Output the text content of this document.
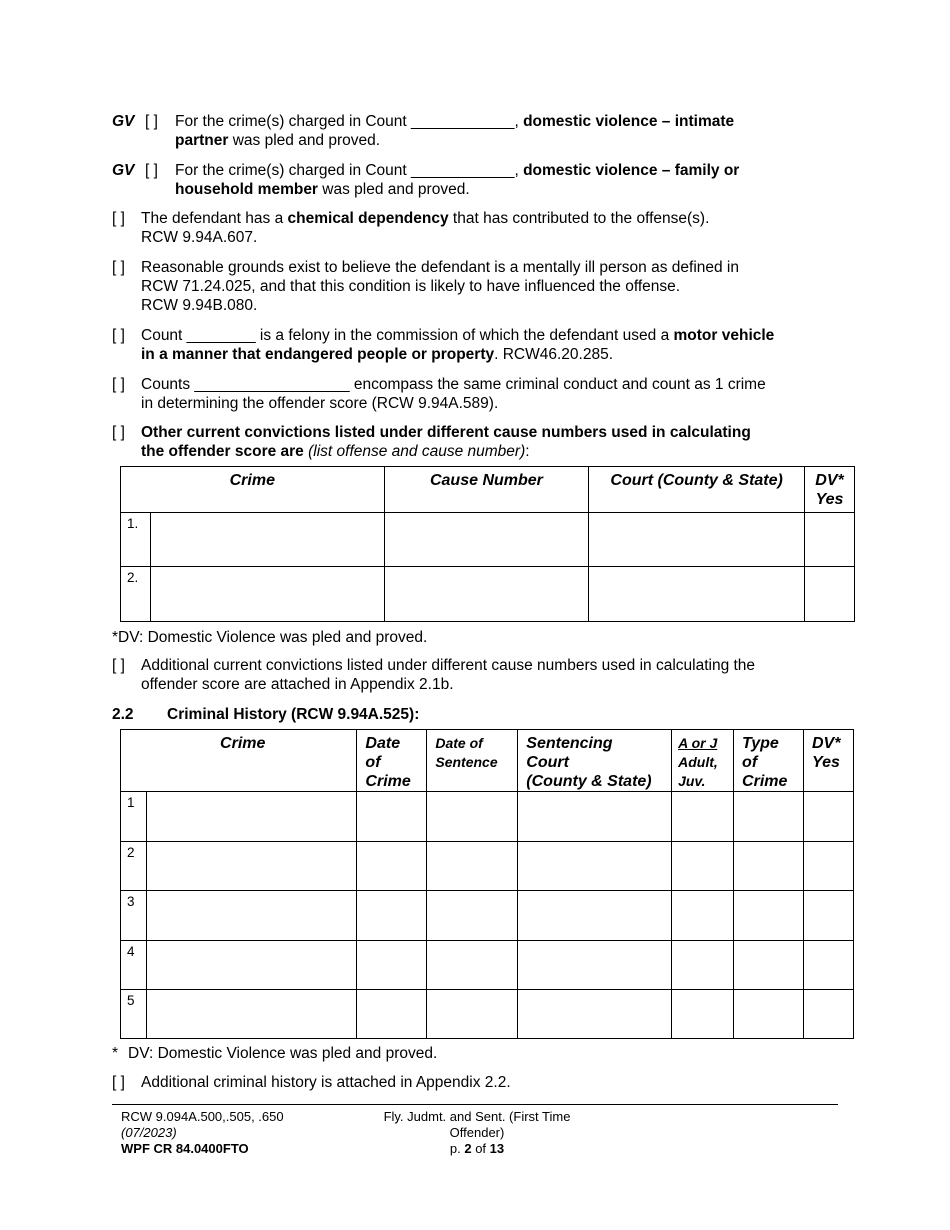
GV [ ] For the crime(s) charged in Count ____________, domestic violence – intimate
partner was pled and proved.
GV [ ] For the crime(s) charged in Count ____________, domestic violence – family or
household member was pled and proved.
[ ] The defendant has a chemical dependency that has contributed to the offense(s).
RCW 9.94A.607.
[ ] Reasonable grounds exist to believe the defendant is a mentally ill person as defined in
RCW 71.24.025, and that this condition is likely to have influenced the offense.
RCW 9.94B.080.
[ ] Count ________ is a felony in the commission of which the defendant used a motor vehicle
in a manner that endangered people or property. RCW46.20.285.
[ ] Counts __________________ encompass the same criminal conduct and count as 1 crime
in determining the offender score (RCW 9.94A.589).
[ ] Other current convictions listed under different cause numbers used in calculating
the offender score are (list offense and cause number):
Crime		Cause Number	Court (County & State)	DV*
Yes
1.				
2.				
*DV: Domestic Violence was pled and proved.
[ ] Additional current convictions listed under different cause numbers used in calculating the
offender score are attached in Appendix 2.1b.
2.2 Criminal History (RCW 9.94A.525):
Crime		Date
of
Crime	Date of
Sentence	Sentencing
Court
(County & State)	A or J
Adult,
Juv.	Type
of
Crime	DV*
Yes
1							
2							
3							
4							
5							
* DV: Domestic Violence was pled and proved.
[ ] Additional criminal history is attached in Appendix 2.2.
RCW 9.094A.500,.505, .650
(07/2023)
WPF CR 84.0400FTO
Fly. Judmt. and Sent. (First Time
Offender)
p. 2 of 13
